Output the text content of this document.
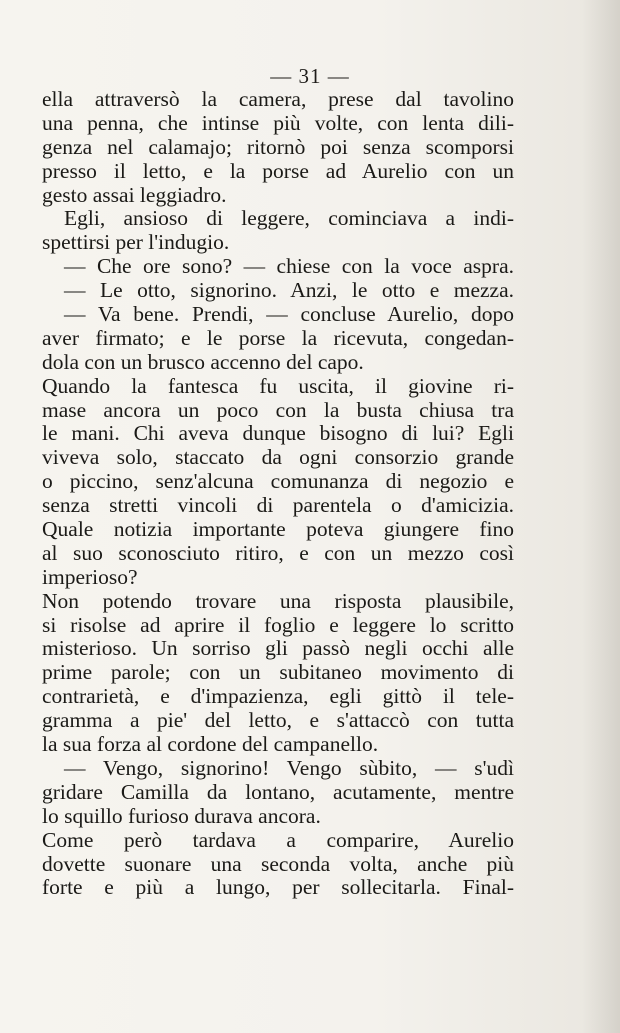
— 31 —
ella attraversò la camera, prese dal tavolino
una penna, che intinse più volte, con lenta dili-
genza nel calamajo; ritornò poi senza scomporsi
presso il letto, e la porse ad Aurelio con un
gesto assai leggiadro.
Egli, ansioso di leggere, cominciava a indi-
spettirsi per l'indugio.
— Che ore sono? — chiese con la voce aspra.
— Le otto, signorino. Anzi, le otto e mezza.
— Va bene. Prendi, — concluse Aurelio, dopo
aver firmato; e le porse la ricevuta, congedan-
dola con un brusco accenno del capo.
Quando la fantesca fu uscita, il giovine ri-
mase ancora un poco con la busta chiusa tra
le mani. Chi aveva dunque bisogno di lui? Egli
viveva solo, staccato da ogni consorzio grande
o piccino, senz'alcuna comunanza di negozio e
senza stretti vincoli di parentela o d'amicizia.
Quale notizia importante poteva giungere fino
al suo sconosciuto ritiro, e con un mezzo così
imperioso?
Non potendo trovare una risposta plausibile,
si risolse ad aprire il foglio e leggere lo scritto
misterioso. Un sorriso gli passò negli occhi alle
prime parole; con un subitaneo movimento di
contrarietà, e d'impazienza, egli gittò il tele-
gramma a pie' del letto, e s'attaccò con tutta
la sua forza al cordone del campanello.
— Vengo, signorino! Vengo sùbito, — s'udì
gridare Camilla da lontano, acutamente, mentre
lo squillo furioso durava ancora.
Come però tardava a comparire, Aurelio
dovette suonare una seconda volta, anche più
forte e più a lungo, per sollecitarla. Final-
